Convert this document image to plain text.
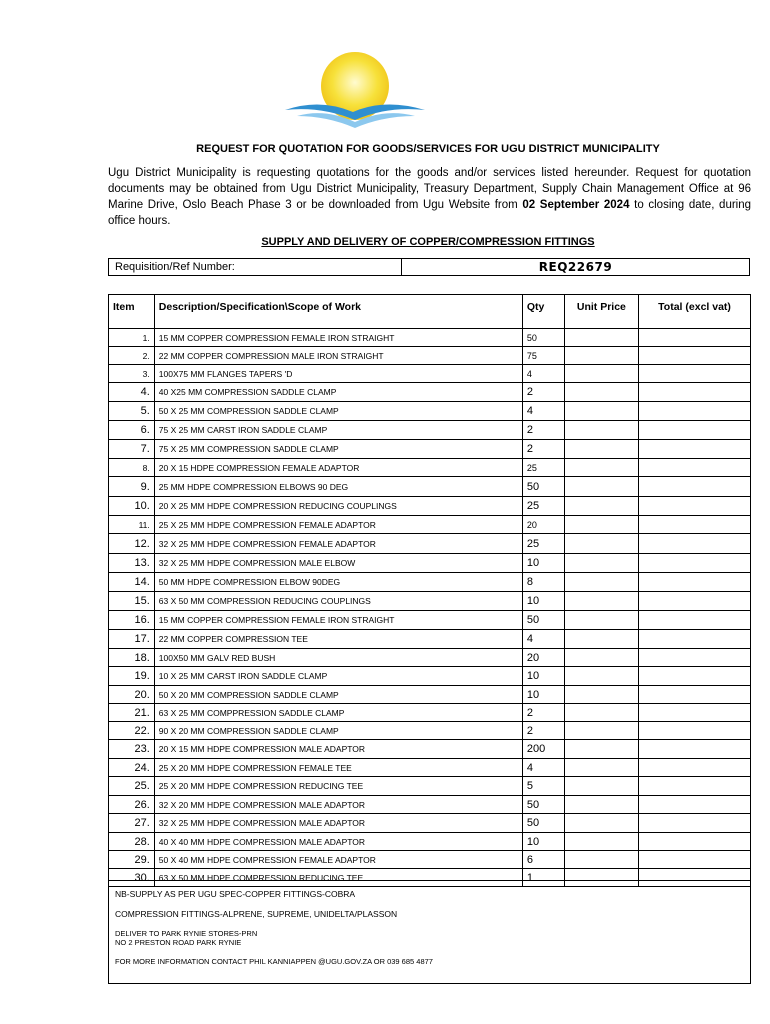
REQUEST FOR QUOTATION FOR GOODS/SERVICES FOR UGU DISTRICT MUNICIPALITY
Ugu District Municipality is requesting quotations for the goods and/or services listed hereunder. Request for quotation documents may be obtained from Ugu District Municipality, Treasury Department, Supply Chain Management Office at 96 Marine Drive, Oslo Beach Phase 3 or be downloaded from Ugu Website from 02 September 2024 to closing date, during office hours.
SUPPLY AND DELIVERY OF COPPER/COMPRESSION FITTINGS
Requisition/Ref Number:	REQ22679
Item	Description/Specification\Scope of Work	Qty	Unit Price	Total (excl vat)
1.	15 MM COPPER COMPRESSION FEMALE IRON STRAIGHT	50		
2.	22 MM COPPER COMPRESSION MALE IRON STRAIGHT	75		
3.	100X75 MM FLANGES TAPERS 'D	4		
4.	40 X25 MM COMPRESSION SADDLE CLAMP	2		
5.	50 X 25 MM COMPRESSION SADDLE CLAMP	4		
6.	75 X 25 MM CARST IRON SADDLE CLAMP	2		
7.	75 X 25 MM COMPRESSION SADDLE CLAMP	2		
8.	20 X 15 HDPE COMPRESSION FEMALE ADAPTOR	25		
9.	25 MM HDPE COMPRESSION ELBOWS 90 DEG	50		
10.	20 X 25 MM HDPE COMPRESSION REDUCING COUPLINGS	25		
11.	25 X 25 MM HDPE COMPRESSION FEMALE ADAPTOR	20		
12.	32 X 25 MM HDPE COMPRESSION FEMALE ADAPTOR	25		
13.	32 X 25 MM HDPE COMPRESSION MALE ELBOW	10		
14.	50 MM HDPE COMPRESSION ELBOW 90DEG	8		
15.	63 X 50 MM COMPRESSION REDUCING COUPLINGS	10		
16.	15 MM COPPER COMPRESSION FEMALE IRON STRAIGHT	50		
17.	22 MM COPPER COMPRESSION TEE	4		
18.	100X50 MM GALV RED BUSH	20		
19.	10 X 25 MM CARST IRON SADDLE CLAMP	10		
20.	50 X 20 MM COMPRESSION SADDLE CLAMP	10		
21.	63 X 25 MM COMPPRESSION SADDLE CLAMP	2		
22.	90 X 20 MM COMPRESSION SADDLE CLAMP	2		
23.	20 X 15 MM HDPE COMPRESSION MALE ADAPTOR	200		
24.	25 X 20 MM HDPE COMPRESSION FEMALE TEE	4		
25.	25 X 20 MM HDPE COMPRESSION REDUCING TEE	5		
26.	32 X 20 MM HDPE COMPRESSION MALE ADAPTOR	50		
27.	32 X 25 MM HDPE COMPRESSION MALE ADAPTOR	50		
28.	40 X 40 MM HDPE COMPRESSION MALE ADAPTOR	10		
29.	50 X 40 MM HDPE COMPRESSION FEMALE ADAPTOR	6		
30.	63 X 50 MM HDPE COMPRESSION REDUCING TEE	1		
NB-SUPPLY AS PER UGU SPEC-COPPER FITTINGS-COBRA
COMPRESSION FITTINGS-ALPRENE, SUPREME, UNIDELTA/PLASSON
DELIVER TO PARK RYNIE STORES-PRN
NO 2 PRESTON ROAD PARK RYNIE
FOR MORE INFORMATION CONTACT PHIL KANNIAPPEN @UGU.GOV.ZA OR 039 685 4877
